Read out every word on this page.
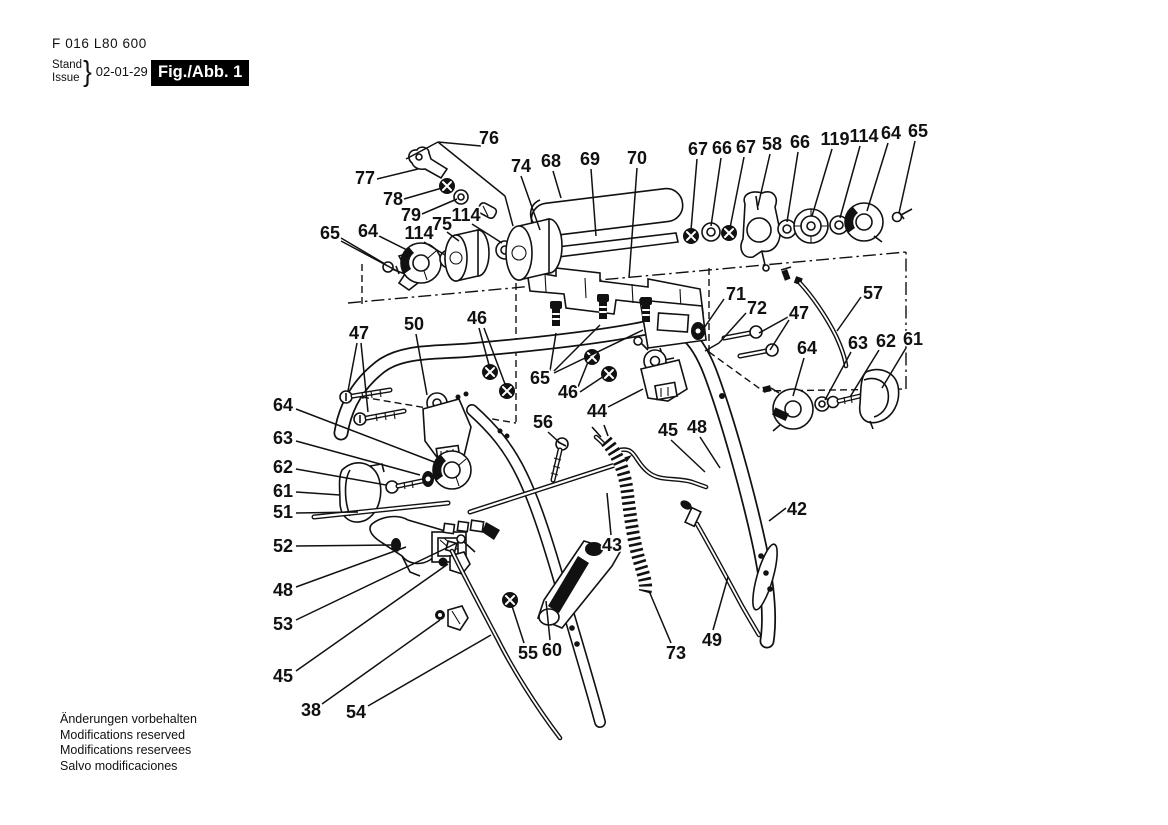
F 016 L80 600
Stand
Issue } 02-01-29 Fig./Abb. 1
76
77
78
79
74 68 69 70 67 66 67 58 66 119 114 64 65
65 64 114
75 114
57
71
72 47
64 63 62 61
42
47 50 46
65
46
44
56	45 48
43
73
49
55 60
64
63
62
61
51
52
48
53
45
38 54
Änderungen vorbehalten
Modifications reserved
Modifications reservees
Salvo modificaciones
